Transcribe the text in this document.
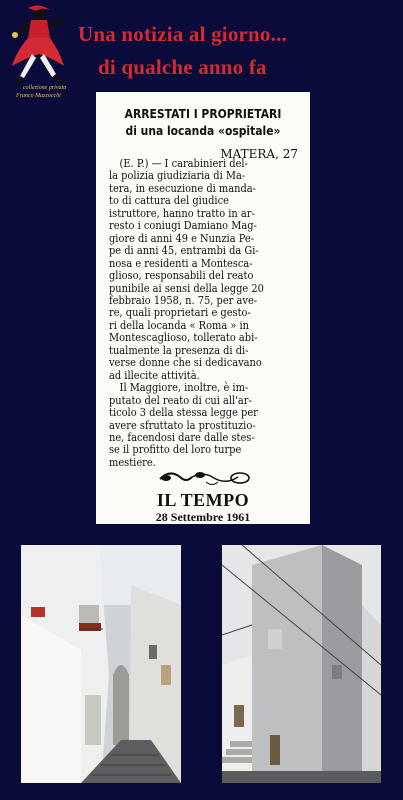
collezione privata
Franco Mazzocchi
Una notizia al giorno...
di qualche anno fa
ARRESTATI I PROPRIETARI
di una locanda «ospitale»
MATERA, 27
(E. P.) — I carabinieri del-
la polizia giudiziaria di Ma-
tera, in esecuzione di manda-
to di cattura del giudice
istruttore, hanno tratto in ar-
resto i coniugi Damiano Mag-
giore di anni 49 e Nunzia Pe-
pe di anni 45, entrambi da Gi-
nosa e residenti a Montesca-
glioso, responsabili del reato
punibile ai sensi della legge 20
febbraio 1958, n. 75, per ave-
re, quali proprietari e gesto-
ri della locanda « Roma » in
Montescaglioso, tollerato abi-
tualmente la presenza di di-
verse donne che si dedicavano
ad illecite attività.
Il Maggiore, inoltre, è im-
putato del reato di cui all'ar-
ticolo 3 della stessa legge per
avere sfruttato la prostituzio-
ne, facendosi dare dalle stes-
se il profitto del loro turpe
mestiere.
IL TEMPO
28 Settembre 1961
